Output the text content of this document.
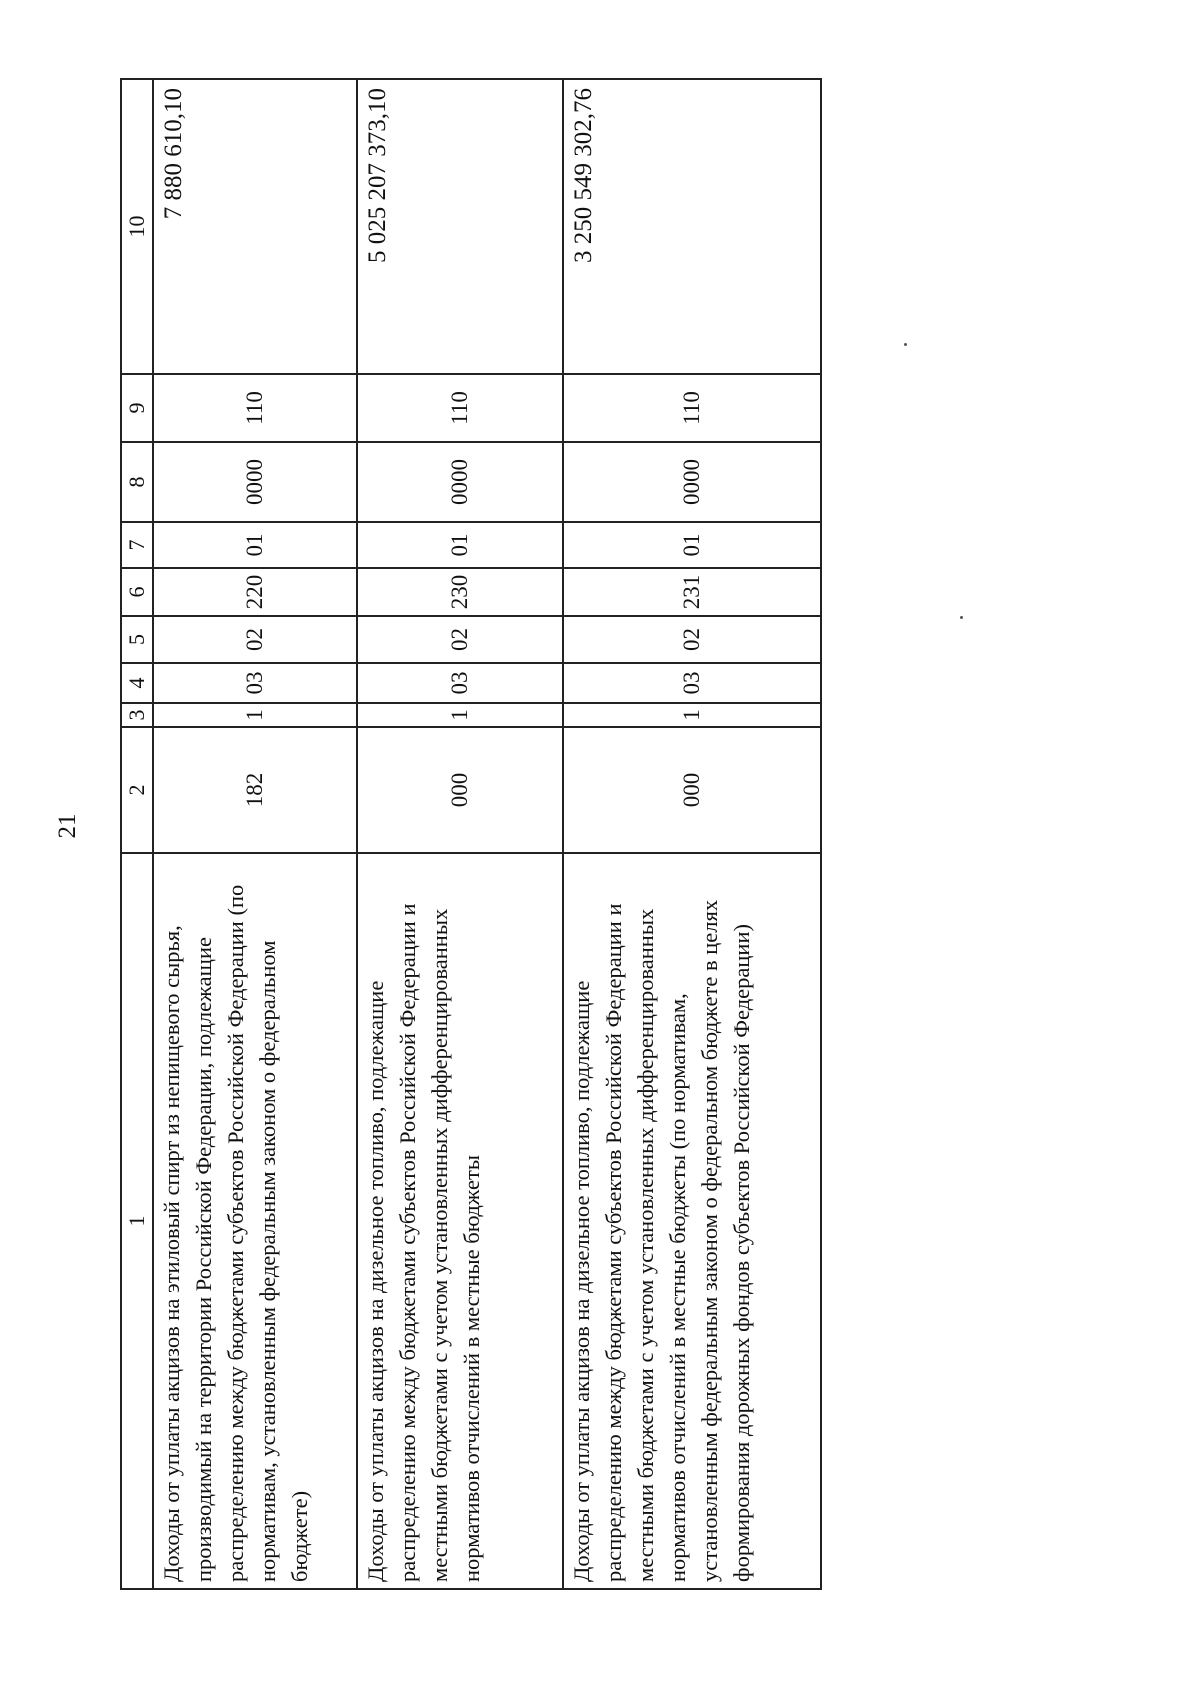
21
1	2	3	4	5	6	7	8	9	10
Доходы от уплаты акцизов на этиловый спирт из непищевого сырья, производимый на территории Российской Федерации, подлежащие распределению между бюджетами субъектов Российской Федерации (по нормативам, установленным федеральным законом о федеральном бюджете)	182	1	03	02	220	01	0000	110	7 880 610,10
Доходы от уплаты акцизов на дизельное топливо, подлежащие распределению между бюджетами субъектов Российской Федерации и местными бюджетами с учетом установленных дифференцированных нормативов отчислений в местные бюджеты	000	1	03	02	230	01	0000	110	5 025 207 373,10
Доходы от уплаты акцизов на дизельное топливо, подлежащие распределению между бюджетами субъектов Российской Федерации и местными бюджетами с учетом установленных дифференцированных нормативов отчислений в местные бюджеты (по нормативам, установленным федеральным законом о федеральном бюджете в целях формирования дорожных фондов субъектов Российской Федерации)	000	1	03	02	231	01	0000	110	3 250 549 302,76
